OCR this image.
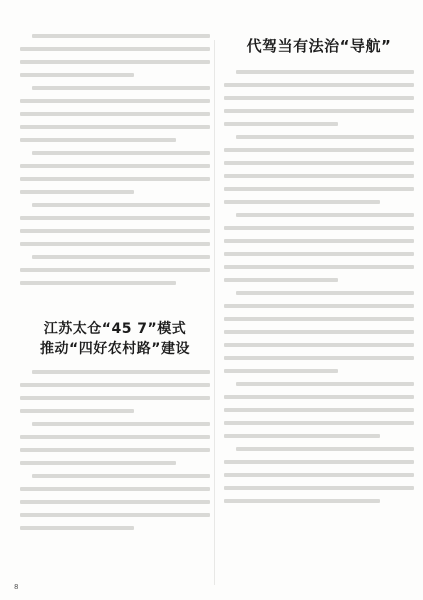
江苏太仓“45 7”模式
推动“四好农村路”建设
代驾当有法治“导航”
8
